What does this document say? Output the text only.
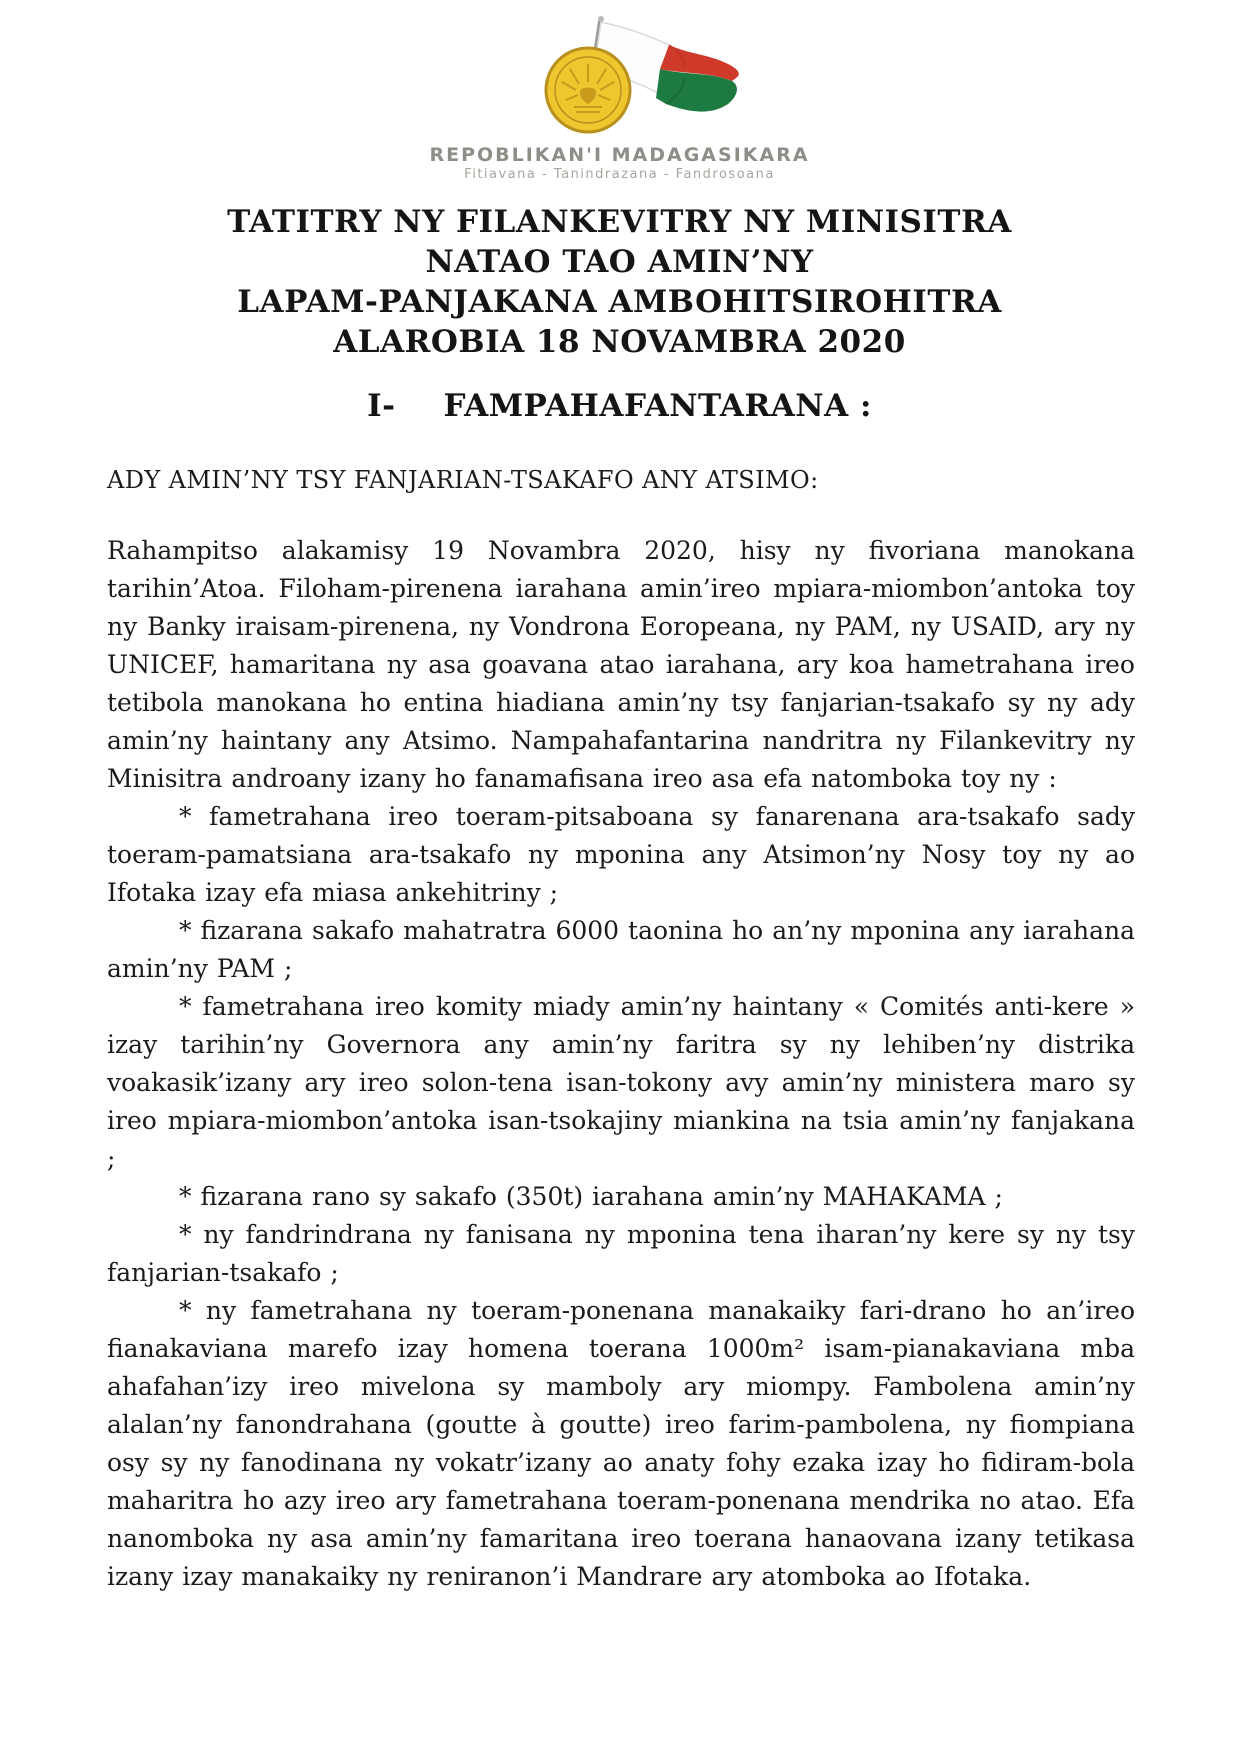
REPOBLIKAN'I MADAGASIKARA
Fitiavana - Tanindrazana - Fandrosoana
TATITRY NY FILANKEVITRY NY MINISITRA
NATAO TAO AMIN’NY
LAPAM-PANJAKANA AMBOHITSIROHITRA
ALAROBIA 18 NOVAMBRA 2020
I- FAMPAHAFANTARANA :
ADY AMIN’NY TSY FANJARIAN-TSAKAFO ANY ATSIMO:

Rahampitso alakamisy 19 Novambra 2020, hisy ny fivoriana manokana tarihin’Atoa. Filoham-pirenena iarahana amin’ireo mpiara-miombon’antoka toy ny Banky iraisam-pirenena, ny Vondrona Eoropeana, ny PAM, ny USAID, ary ny UNICEF, hamaritana ny asa goavana atao iarahana, ary koa hametrahana ireo tetibola manokana ho entina hiadiana amin’ny tsy fanjarian-tsakafo sy ny ady amin’ny haintany any Atsimo. Nampahafantarina nandritra ny Filankevitry ny Minisitra androany izany ho fanamafisana ireo asa efa natomboka toy ny :

* fametrahana ireo toeram-pitsaboana sy fanarenana ara-tsakafo sady toeram-pamatsiana ara-tsakafo ny mponina any Atsimon’ny Nosy toy ny ao Ifotaka izay efa miasa ankehitriny ;

* fizarana sakafo mahatratra 6000 taonina ho an’ny mponina any iarahana amin’ny PAM ;

* fametrahana ireo komity miady amin’ny haintany « Comités anti-kere » izay tarihin’ny Governora any amin’ny faritra sy ny lehiben’ny distrika voakasik’izany ary ireo solon-tena isan-tokony avy amin’ny ministera maro sy ireo mpiara-miombon’antoka isan-tsokajiny miankina na tsia amin’ny fanjakana ;

* fizarana rano sy sakafo (350t) iarahana amin’ny MAHAKAMA ;

* ny fandrindrana ny fanisana ny mponina tena iharan’ny kere sy ny tsy fanjarian-tsakafo ;

* ny fametrahana ny toeram-ponenana manakaiky fari-drano ho an’ireo fianakaviana marefo izay homena toerana 1000m² isam-pianakaviana mba ahafahan’izy ireo mivelona sy mamboly ary miompy. Fambolena amin’ny alalan’ny fanondrahana (goutte à goutte) ireo farim-pambolena, ny fiompiana osy sy ny fanodinana ny vokatr’izany ao anaty fohy ezaka izay ho fidiram-bola maharitra ho azy ireo ary fametrahana toeram-ponenana mendrika no atao. Efa nanomboka ny asa amin’ny famaritana ireo toerana hanaovana izany tetikasa izany izay manakaiky ny reniranon’i Mandrare ary atomboka ao Ifotaka.
